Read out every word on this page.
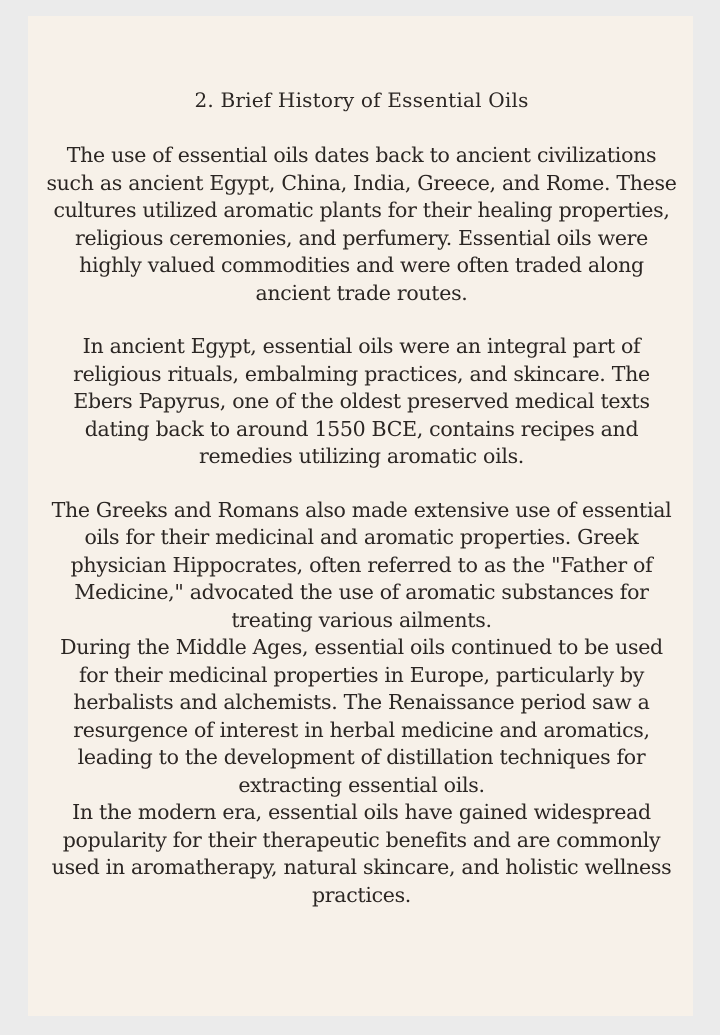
2. Brief History of Essential Oils

The use of essential oils dates back to ancient civilizations such as ancient Egypt, China, India, Greece, and Rome. These cultures utilized aromatic plants for their healing properties, religious ceremonies, and perfumery. Essential oils were highly valued commodities and were often traded along ancient trade routes.

In ancient Egypt, essential oils were an integral part of religious rituals, embalming practices, and skincare. The Ebers Papyrus, one of the oldest preserved medical texts dating back to around 1550 BCE, contains recipes and remedies utilizing aromatic oils.

The Greeks and Romans also made extensive use of essential oils for their medicinal and aromatic properties. Greek physician Hippocrates, often referred to as the "Father of Medicine," advocated the use of aromatic substances for treating various ailments.

During the Middle Ages, essential oils continued to be used for their medicinal properties in Europe, particularly by herbalists and alchemists. The Renaissance period saw a resurgence of interest in herbal medicine and aromatics, leading to the development of distillation techniques for extracting essential oils.

In the modern era, essential oils have gained widespread popularity for their therapeutic benefits and are commonly used in aromatherapy, natural skincare, and holistic wellness practices.
